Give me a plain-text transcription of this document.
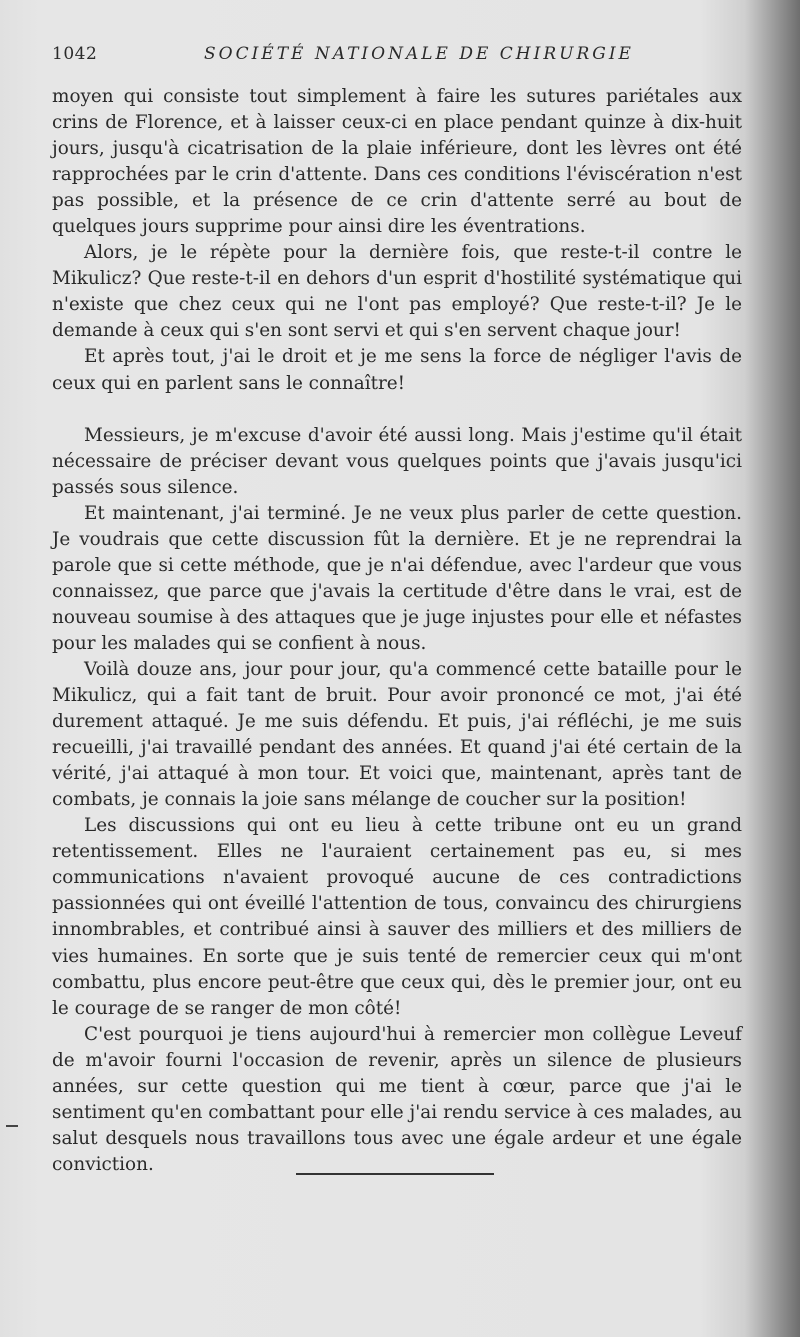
1042	SOCIÉTÉ NATIONALE DE CHIRURGIE

moyen qui consiste tout simplement à faire les sutures pariétales aux crins de Florence, et à laisser ceux-ci en place pendant quinze à dix-huit jours, jusqu'à cicatrisation de la plaie inférieure, dont les lèvres ont été rapprochées par le crin d'attente. Dans ces conditions l'éviscération n'est pas possible, et la présence de ce crin d'attente serré au bout de quelques jours supprime pour ainsi dire les éventrations.

Alors, je le répète pour la dernière fois, que reste-t-il contre le Mikulicz? Que reste-t-il en dehors d'un esprit d'hostilité systématique qui n'existe que chez ceux qui ne l'ont pas employé? Que reste-t-il? Je le demande à ceux qui s'en sont servi et qui s'en servent chaque jour!

Et après tout, j'ai le droit et je me sens la force de négliger l'avis de ceux qui en parlent sans le connaître!

Messieurs, je m'excuse d'avoir été aussi long. Mais j'estime qu'il était nécessaire de préciser devant vous quelques points que j'avais jusqu'ici passés sous silence.

Et maintenant, j'ai terminé. Je ne veux plus parler de cette question. Je voudrais que cette discussion fût la dernière. Et je ne reprendrai la parole que si cette méthode, que je n'ai défendue, avec l'ardeur que vous connaissez, que parce que j'avais la certitude d'être dans le vrai, est de nouveau soumise à des attaques que je juge injustes pour elle et néfastes pour les malades qui se confient à nous.

Voilà douze ans, jour pour jour, qu'a commencé cette bataille pour le Mikulicz, qui a fait tant de bruit. Pour avoir prononcé ce mot, j'ai été durement attaqué. Je me suis défendu. Et puis, j'ai réfléchi, je me suis recueilli, j'ai travaillé pendant des années. Et quand j'ai été certain de la vérité, j'ai attaqué à mon tour. Et voici que, maintenant, après tant de combats, je connais la joie sans mélange de coucher sur la position!

Les discussions qui ont eu lieu à cette tribune ont eu un grand retentissement. Elles ne l'auraient certainement pas eu, si mes communications n'avaient provoqué aucune de ces contradictions passionnées qui ont éveillé l'attention de tous, convaincu des chirurgiens innombrables, et contribué ainsi à sauver des milliers et des milliers de vies humaines. En sorte que je suis tenté de remercier ceux qui m'ont combattu, plus encore peut-être que ceux qui, dès le premier jour, ont eu le courage de se ranger de mon côté!

C'est pourquoi je tiens aujourd'hui à remercier mon collègue Leveuf de m'avoir fourni l'occasion de revenir, après un silence de plusieurs années, sur cette question qui me tient à cœur, parce que j'ai le sentiment qu'en combattant pour elle j'ai rendu service à ces malades, au salut desquels nous travaillons tous avec une égale ardeur et une égale conviction.
